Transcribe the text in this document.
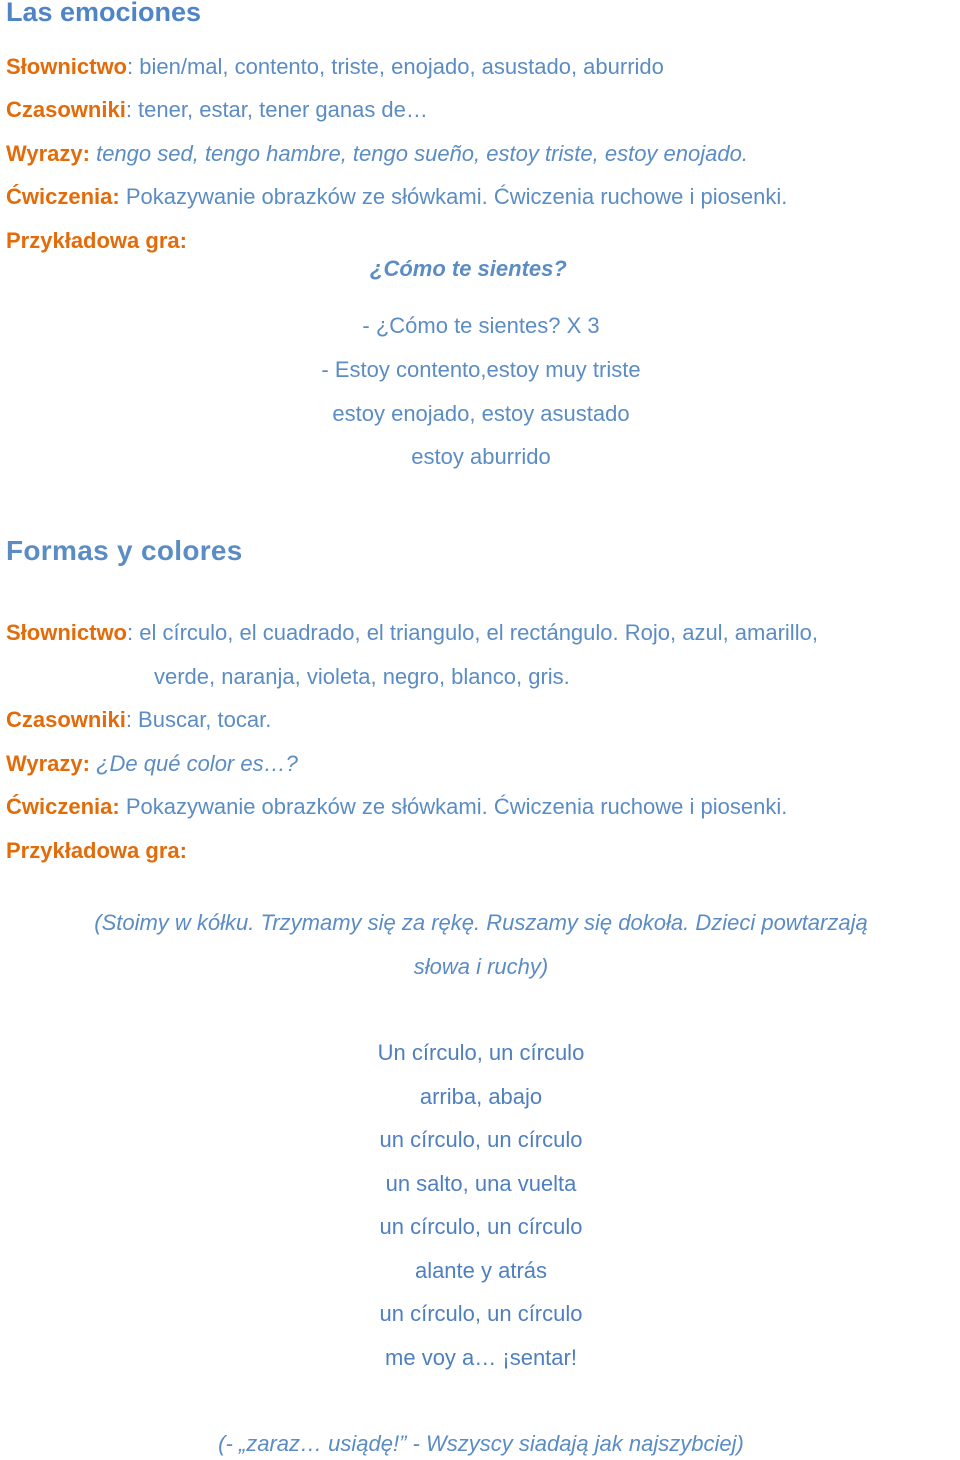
Las emociones
Słownictwo: bien/mal, contento, triste, enojado, asustado, aburrido
Czasowniki: tener, estar, tener ganas de…
Wyrazy: tengo sed, tengo hambre, tengo sueño, estoy triste, estoy enojado.
Ćwiczenia: Pokazywanie obrazków ze słówkami. Ćwiczenia ruchowe i piosenki.
Przykładowa gra:
¿Cómo te sientes?
- ¿Cómo te sientes? X 3
- Estoy contento,estoy muy triste
estoy enojado, estoy asustado
estoy aburrido
Formas y colores
Słownictwo: el círculo, el cuadrado, el triangulo, el rectángulo. Rojo, azul, amarillo,
verde, naranja, violeta, negro, blanco, gris.
Czasowniki: Buscar, tocar.
Wyrazy: ¿De qué color es…?
Ćwiczenia: Pokazywanie obrazków ze słówkami. Ćwiczenia ruchowe i piosenki.
Przykładowa gra:
(Stoimy w kółku. Trzymamy się za rękę. Ruszamy się dokoła. Dzieci powtarzają
słowa i ruchy)
Un círculo, un círculo
arriba, abajo
un círculo, un círculo
un salto, una vuelta
un círculo, un círculo
alante y atrás
un círculo, un círculo
me voy a… ¡sentar!
(- „zaraz… usiądę!” - Wszyscy siadają jak najszybciej)
